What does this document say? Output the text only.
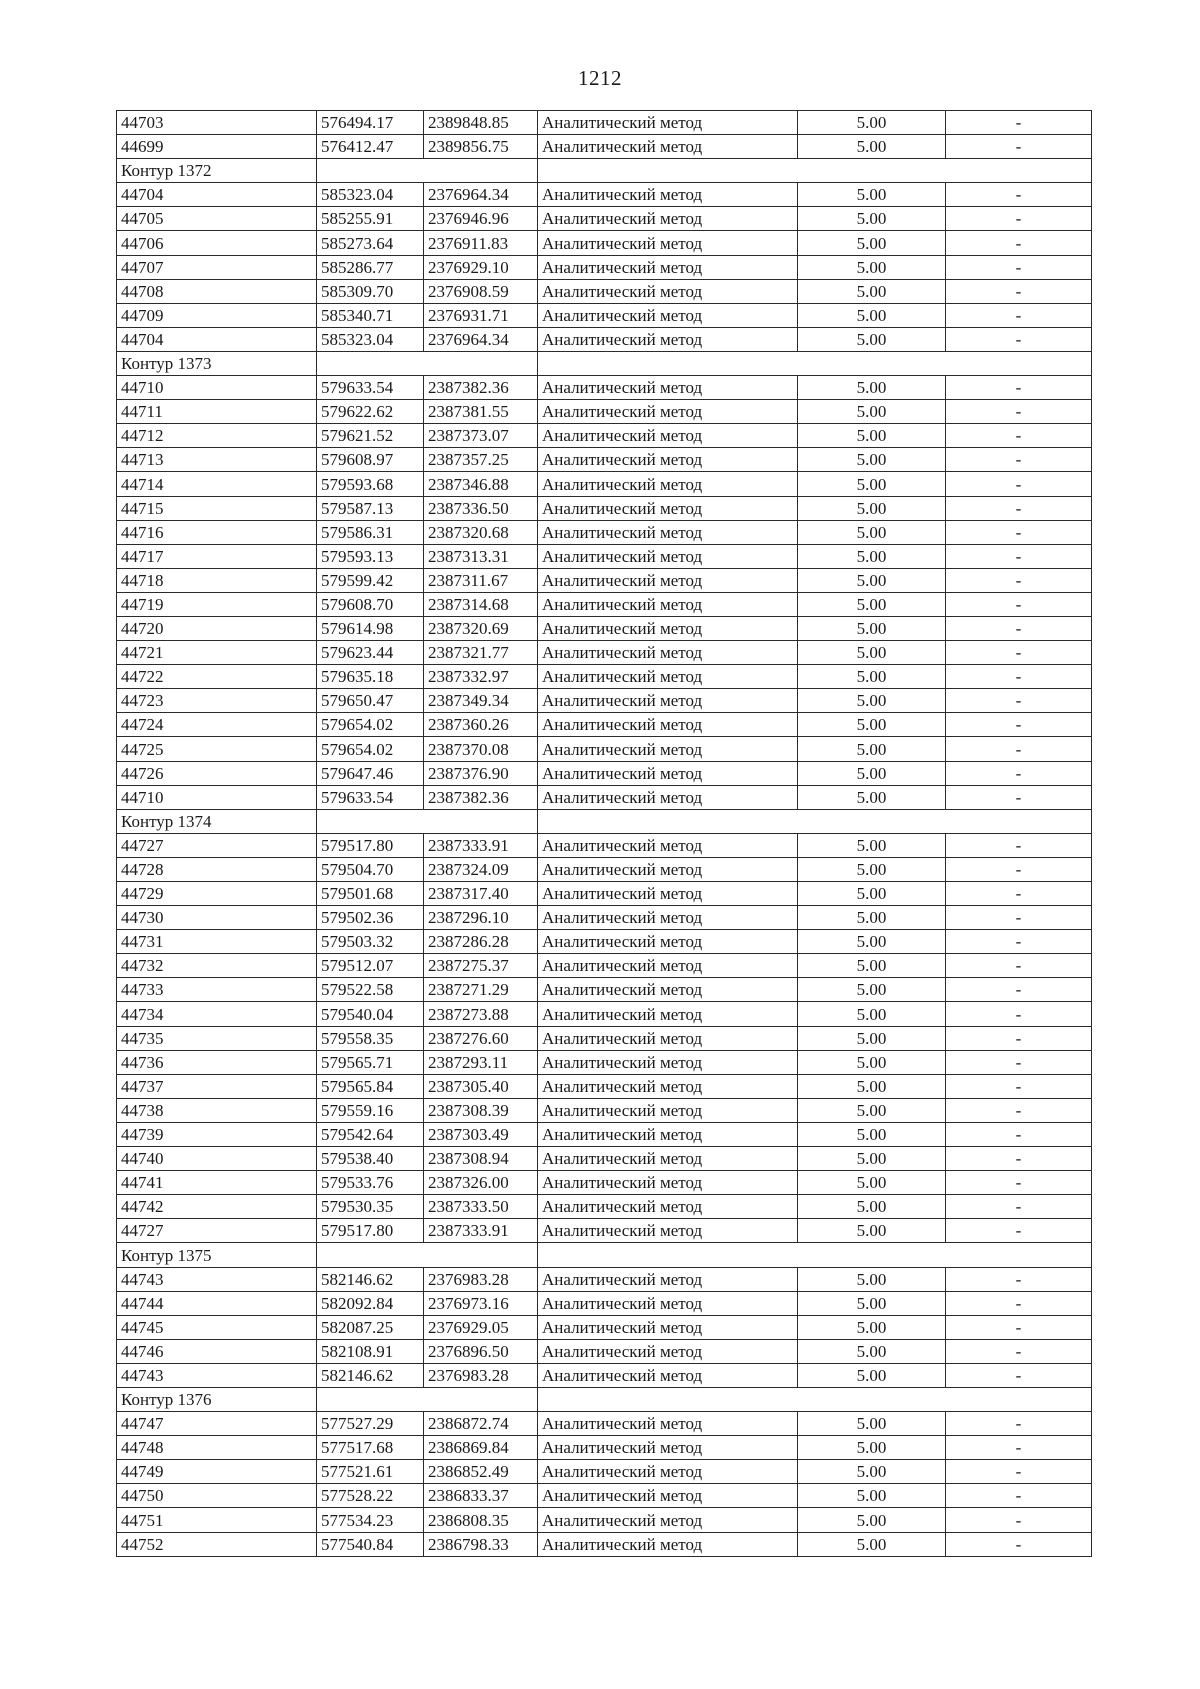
1212
44703	576494.17	2389848.85	Аналитический метод	5.00	-
44699	576412.47	2389856.75	Аналитический метод	5.00	-
Контур 1372					
44704	585323.04	2376964.34	Аналитический метод	5.00	-
44705	585255.91	2376946.96	Аналитический метод	5.00	-
44706	585273.64	2376911.83	Аналитический метод	5.00	-
44707	585286.77	2376929.10	Аналитический метод	5.00	-
44708	585309.70	2376908.59	Аналитический метод	5.00	-
44709	585340.71	2376931.71	Аналитический метод	5.00	-
44704	585323.04	2376964.34	Аналитический метод	5.00	-
Контур 1373					
44710	579633.54	2387382.36	Аналитический метод	5.00	-
44711	579622.62	2387381.55	Аналитический метод	5.00	-
44712	579621.52	2387373.07	Аналитический метод	5.00	-
44713	579608.97	2387357.25	Аналитический метод	5.00	-
44714	579593.68	2387346.88	Аналитический метод	5.00	-
44715	579587.13	2387336.50	Аналитический метод	5.00	-
44716	579586.31	2387320.68	Аналитический метод	5.00	-
44717	579593.13	2387313.31	Аналитический метод	5.00	-
44718	579599.42	2387311.67	Аналитический метод	5.00	-
44719	579608.70	2387314.68	Аналитический метод	5.00	-
44720	579614.98	2387320.69	Аналитический метод	5.00	-
44721	579623.44	2387321.77	Аналитический метод	5.00	-
44722	579635.18	2387332.97	Аналитический метод	5.00	-
44723	579650.47	2387349.34	Аналитический метод	5.00	-
44724	579654.02	2387360.26	Аналитический метод	5.00	-
44725	579654.02	2387370.08	Аналитический метод	5.00	-
44726	579647.46	2387376.90	Аналитический метод	5.00	-
44710	579633.54	2387382.36	Аналитический метод	5.00	-
Контур 1374					
44727	579517.80	2387333.91	Аналитический метод	5.00	-
44728	579504.70	2387324.09	Аналитический метод	5.00	-
44729	579501.68	2387317.40	Аналитический метод	5.00	-
44730	579502.36	2387296.10	Аналитический метод	5.00	-
44731	579503.32	2387286.28	Аналитический метод	5.00	-
44732	579512.07	2387275.37	Аналитический метод	5.00	-
44733	579522.58	2387271.29	Аналитический метод	5.00	-
44734	579540.04	2387273.88	Аналитический метод	5.00	-
44735	579558.35	2387276.60	Аналитический метод	5.00	-
44736	579565.71	2387293.11	Аналитический метод	5.00	-
44737	579565.84	2387305.40	Аналитический метод	5.00	-
44738	579559.16	2387308.39	Аналитический метод	5.00	-
44739	579542.64	2387303.49	Аналитический метод	5.00	-
44740	579538.40	2387308.94	Аналитический метод	5.00	-
44741	579533.76	2387326.00	Аналитический метод	5.00	-
44742	579530.35	2387333.50	Аналитический метод	5.00	-
44727	579517.80	2387333.91	Аналитический метод	5.00	-
Контур 1375					
44743	582146.62	2376983.28	Аналитический метод	5.00	-
44744	582092.84	2376973.16	Аналитический метод	5.00	-
44745	582087.25	2376929.05	Аналитический метод	5.00	-
44746	582108.91	2376896.50	Аналитический метод	5.00	-
44743	582146.62	2376983.28	Аналитический метод	5.00	-
Контур 1376					
44747	577527.29	2386872.74	Аналитический метод	5.00	-
44748	577517.68	2386869.84	Аналитический метод	5.00	-
44749	577521.61	2386852.49	Аналитический метод	5.00	-
44750	577528.22	2386833.37	Аналитический метод	5.00	-
44751	577534.23	2386808.35	Аналитический метод	5.00	-
44752	577540.84	2386798.33	Аналитический метод	5.00	-
